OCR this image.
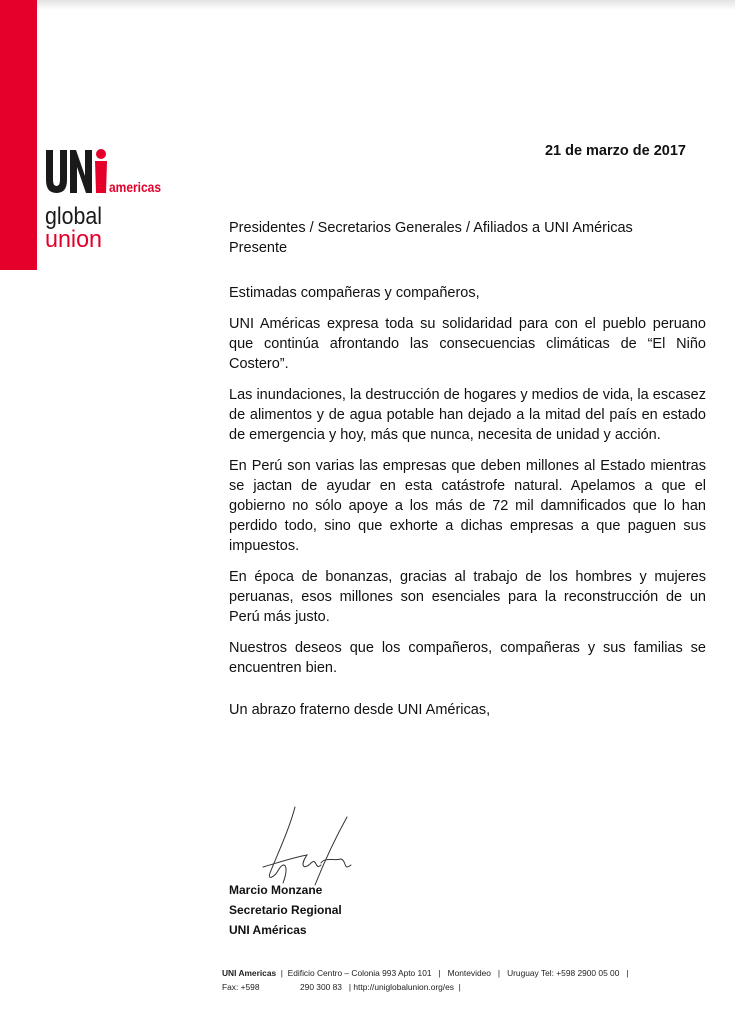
americas
global
union
21 de marzo de 2017
Presidentes / Secretarios Generales / Afiliados a UNI Américas
Presente

Estimadas compañeras y compañeros,

UNI Américas expresa toda su solidaridad para con el pueblo peruano que continúa afrontando las consecuencias climáticas de “El Niño Costero”.

Las inundaciones, la destrucción de hogares y medios de vida, la escasez de alimentos y de agua potable han dejado a la mitad del país en estado de emergencia y hoy, más que nunca, necesita de unidad y acción.

En Perú son varias las empresas que deben millones al Estado mientras se jactan de ayudar en esta catástrofe natural. Apelamos a que el gobierno no sólo apoye a los más de 72 mil damnificados que lo han perdido todo, sino que exhorte a dichas empresas a que paguen sus impuestos.

En época de bonanzas, gracias al trabajo de los hombres y mujeres peruanas, esos millones son esenciales para la reconstrucción de un Perú más justo.

Nuestros deseos que los compañeros, compañeras y sus familias se encuentren bien.

Un abrazo fraterno desde UNI Américas,

Marcio Monzane
Secretario Regional
UNI Américas
UNI Americas  |  Edificio Centro – Colonia 993 Apto 101   |   Montevideo   |   Uruguay Tel: +598 2900 05 00   |
Fax: +598	290 300 83   | http://uniglobalunion.org/es  |
